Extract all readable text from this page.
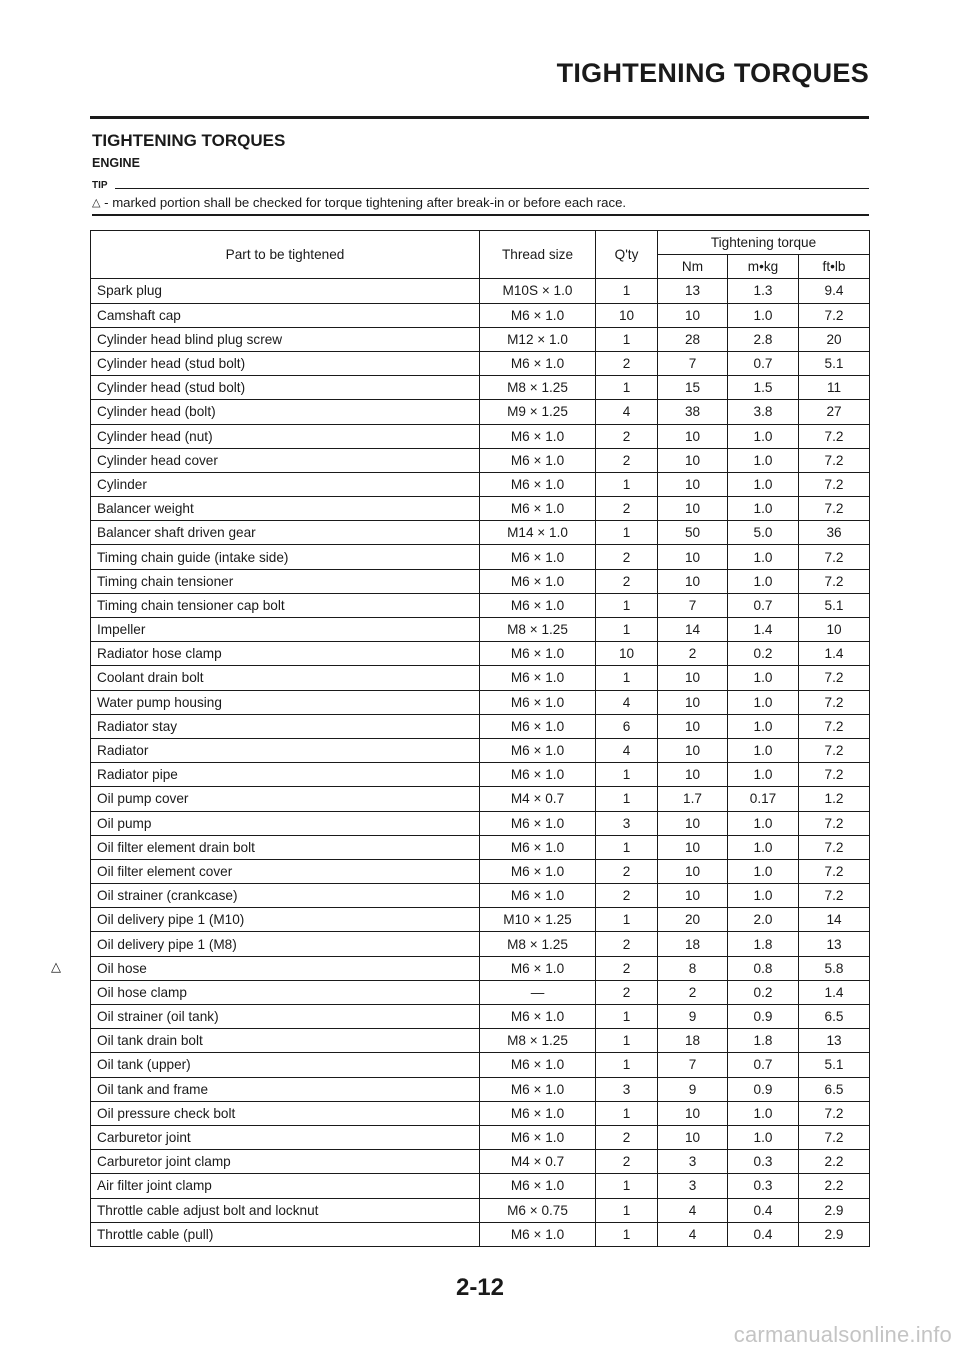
TIGHTENING TORQUES
TIGHTENING TORQUES
ENGINE
TIP
△ - marked portion shall be checked for torque tightening after break-in or before each race.
Part to be tightened	Thread size	Q'ty	Tightening torque		
			Nm	m•kg	ft•lb
Spark plug	M10S × 1.0	1	13	1.3	9.4
Camshaft cap	M6 × 1.0	10	10	1.0	7.2
Cylinder head blind plug screw	M12 × 1.0	1	28	2.8	20
Cylinder head (stud bolt)	M6 × 1.0	2	7	0.7	5.1
Cylinder head (stud bolt)	M8 × 1.25	1	15	1.5	11
Cylinder head (bolt)	M9 × 1.25	4	38	3.8	27
Cylinder head (nut)	M6 × 1.0	2	10	1.0	7.2
Cylinder head cover	M6 × 1.0	2	10	1.0	7.2
Cylinder	M6 × 1.0	1	10	1.0	7.2
Balancer weight	M6 × 1.0	2	10	1.0	7.2
Balancer shaft driven gear	M14 × 1.0	1	50	5.0	36
Timing chain guide (intake side)	M6 × 1.0	2	10	1.0	7.2
Timing chain tensioner	M6 × 1.0	2	10	1.0	7.2
Timing chain tensioner cap bolt	M6 × 1.0	1	7	0.7	5.1
Impeller	M8 × 1.25	1	14	1.4	10
Radiator hose clamp	M6 × 1.0	10	2	0.2	1.4
Coolant drain bolt	M6 × 1.0	1	10	1.0	7.2
Water pump housing	M6 × 1.0	4	10	1.0	7.2
Radiator stay	M6 × 1.0	6	10	1.0	7.2
Radiator	M6 × 1.0	4	10	1.0	7.2
Radiator pipe	M6 × 1.0	1	10	1.0	7.2
Oil pump cover	M4 × 0.7	1	1.7	0.17	1.2
Oil pump	M6 × 1.0	3	10	1.0	7.2
Oil filter element drain bolt	M6 × 1.0	1	10	1.0	7.2
Oil filter element cover	M6 × 1.0	2	10	1.0	7.2
Oil strainer (crankcase)	M6 × 1.0	2	10	1.0	7.2
Oil delivery pipe 1 (M10)	M10 × 1.25	1	20	2.0	14
Oil delivery pipe 1 (M8)	M8 × 1.25	2	18	1.8	13

△ Oil hose	M6 × 1.0	2	8	0.8	5.8
Oil hose clamp	—	2	2	0.2	1.4
Oil strainer (oil tank)	M6 × 1.0	1	9	0.9	6.5
Oil tank drain bolt	M8 × 1.25	1	18	1.8	13
Oil tank (upper)	M6 × 1.0	1	7	0.7	5.1
Oil tank and frame	M6 × 1.0	3	9	0.9	6.5
Oil pressure check bolt	M6 × 1.0	1	10	1.0	7.2
Carburetor joint	M6 × 1.0	2	10	1.0	7.2
Carburetor joint clamp	M4 × 0.7	2	3	0.3	2.2
Air filter joint clamp	M6 × 1.0	1	3	0.3	2.2
Throttle cable adjust bolt and locknut	M6 × 0.75	1	4	0.4	2.9
Throttle cable (pull)	M6 × 1.0	1	4	0.4	2.9
2-12
carmanualsonline.info
